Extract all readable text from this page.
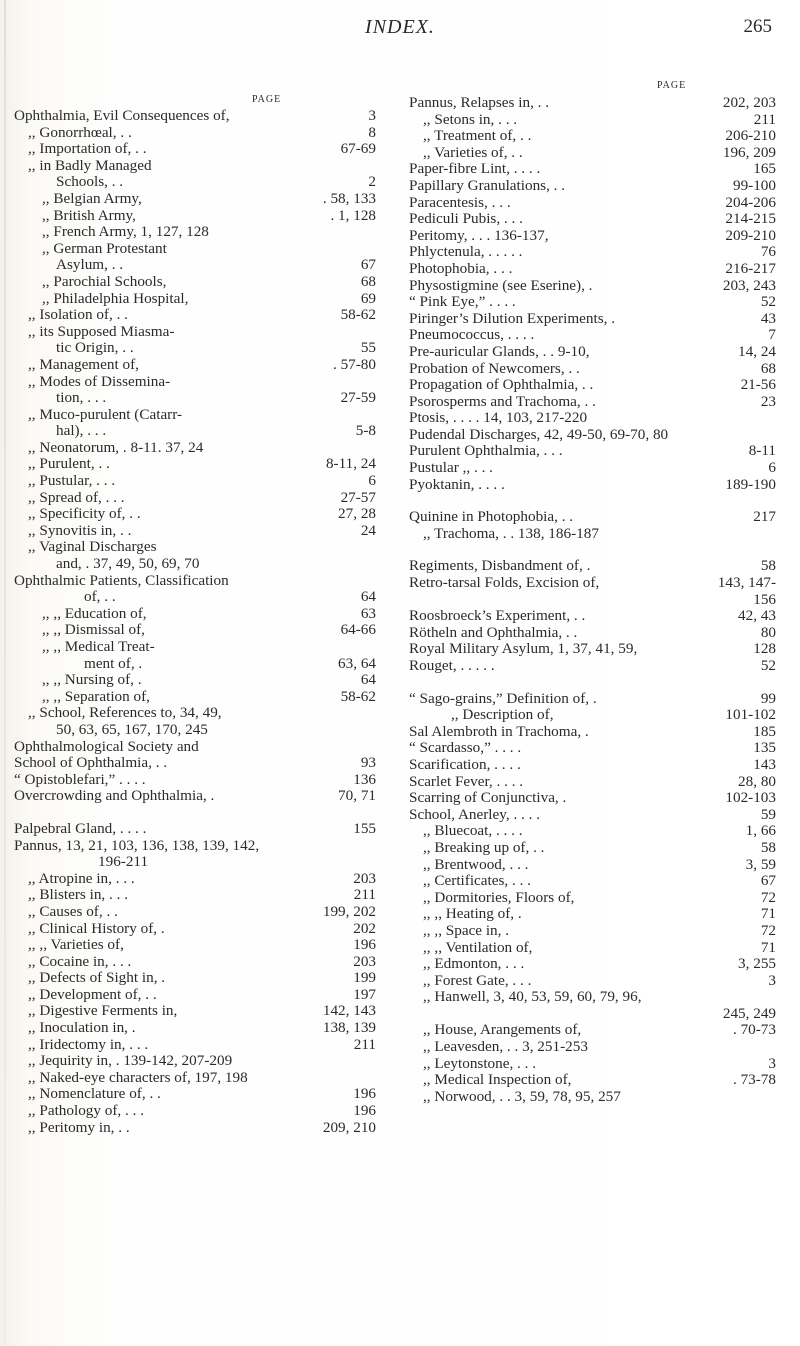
INDEX.	265
PAGE
PAGE
Ophthalmia, Evil Consequences of,	3
,, Gonorrhœal, . .	8
,, Importation of, . .	67-69
,, in Badly Managed
Schools, . .	2
,, Belgian Army,	. 58, 133
,, British Army,	. 1, 128
,, French Army, 1, 127, 128
,, German Protestant
Asylum, . .	67
,, Parochial Schools,	68
,, Philadelphia Hospital,	69
,, Isolation of, . .	58-62
,, its Supposed Miasma-
tic Origin, . .	55
,, Management of,	. 57-80
,, Modes of Dissemina-
tion, . . .	27-59
,, Muco-purulent (Catarr-
hal), . . .	5-8
,, Neonatorum, . 8-11. 37, 24
,, Purulent, . .	8-11, 24
,, Pustular, . . .	6
,, Spread of, . . .	27-57
,, Specificity of, . .	27, 28
,, Synovitis in, . .	24
,, Vaginal Discharges
and, . 37, 49, 50, 69, 70
Ophthalmic Patients, Classification
of, . .	64
,, ,, Education of,	63
,, ,, Dismissal of,	64-66
,, ,, Medical Treat-
ment of, .	63, 64
,, ,, Nursing of, .	64
,, ,, Separation of,	58-62
,, School, References to, 34, 49,
50, 63, 65, 167, 170, 245
Ophthalmological Society and
School of Ophthalmia, . .	93
“ Opistoblefari,” . . . .	136
Overcrowding and Ophthalmia, .	70, 71
Palpebral Gland, . . . .	155
Pannus, 13, 21, 103, 136, 138, 139, 142,
196-211
,, Atropine in, . . .	203
,, Blisters in, . . .	211
,, Causes of, . .	199, 202
,, Clinical History of, .	202
,, ,, Varieties of,	196
,, Cocaine in, . . .	203
,, Defects of Sight in, .	199
,, Development of, . .	197
,, Digestive Ferments in,	142, 143
,, Inoculation in, .	138, 139
,, Iridectomy in, . . .	211
,, Jequirity in, . 139-142, 207-209
,, Naked-eye characters of, 197, 198
,, Nomenclature of, . .	196
,, Pathology of, . . .	196
,, Peritomy in, . .	209, 210
Pannus, Relapses in, . .	202, 203
,, Setons in, . . .	211
,, Treatment of, . .	206-210
,, Varieties of, . .	196, 209
Paper-fibre Lint, . . . .	165
Papillary Granulations, . .	99-100
Paracentesis, . . .	204-206
Pediculi Pubis, . . .	214-215
Peritomy, . . . 136-137,	209-210
Phlyctenula, . . . . .	76
Photophobia, . . .	216-217
Physostigmine (see Eserine), .	203, 243
“ Pink Eye,” . . . .	52
Piringer’s Dilution Experiments, .	43
Pneumococcus, . . . .	7
Pre-auricular Glands, . . 9-10,	14, 24
Probation of Newcomers, . .	68
Propagation of Ophthalmia, . .	21-56
Psorosperms and Trachoma, . .	23
Ptosis, . . . . 14, 103, 217-220
Pudendal Discharges, 42, 49-50, 69-70, 80
Purulent Ophthalmia, . . .	8-11
Pustular ,, . . .	6
Pyoktanin, . . . .	189-190
Quinine in Photophobia, . .	217
,, Trachoma, . . 138, 186-187
Regiments, Disbandment of, .	58
Retro-tarsal Folds, Excision of,	143, 147-
156
Roosbroeck’s Experiment, . .	42, 43
Rötheln and Ophthalmia, . .	80
Royal Military Asylum, 1, 37, 41, 59,	128
Rouget, . . . . .	52
“ Sago-grains,” Definition of, .	99
,, Description of,	101-102
Sal Alembroth in Trachoma, .	185
“ Scardasso,” . . . .	135
Scarification, . . . .	143
Scarlet Fever, . . . .	28, 80
Scarring of Conjunctiva, .	102-103
School, Anerley, . . . .	59
,, Bluecoat, . . . .	1, 66
,, Breaking up of, . .	58
,, Brentwood, . . .	3, 59
,, Certificates, . . .	67
,, Dormitories, Floors of,	72
,, ,, Heating of, .	71
,, ,, Space in, .	72
,, ,, Ventilation of,	71
,, Edmonton, . . .	3, 255
,, Forest Gate, . . .	3
,, Hanwell, 3, 40, 53, 59, 60, 79, 96,
245, 249
,, House, Arangements of,	. 70-73
,, Leavesden, . . 3, 251-253
,, Leytonstone, . . .	3
,, Medical Inspection of,	. 73-78
,, Norwood, . . 3, 59, 78, 95, 257
